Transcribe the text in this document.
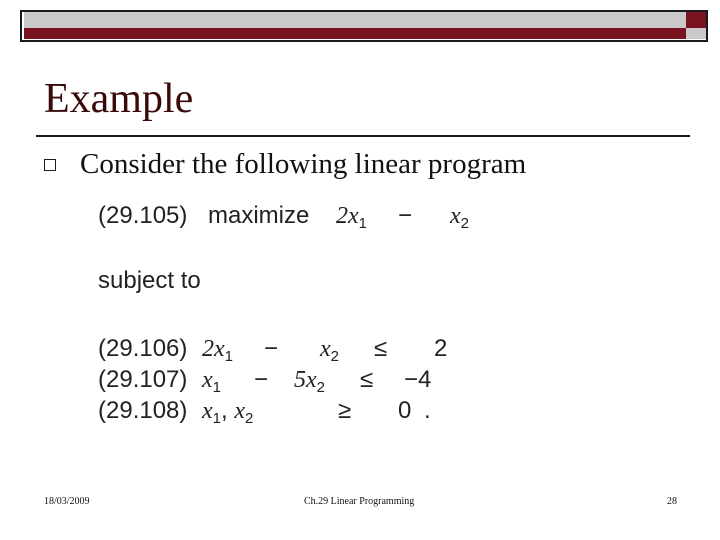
Example
Consider the following linear program
(29.105) maximize $2x_1 - x_2$
subject to
(29.106) $2x_1 - x_2 \le 2$
(29.107) $x_1 - 5x_2 \le -4$
(29.108) $x_1$, $x_2$	≥ 0 .
18/03/2009	Ch.29 Linear Programming	28
